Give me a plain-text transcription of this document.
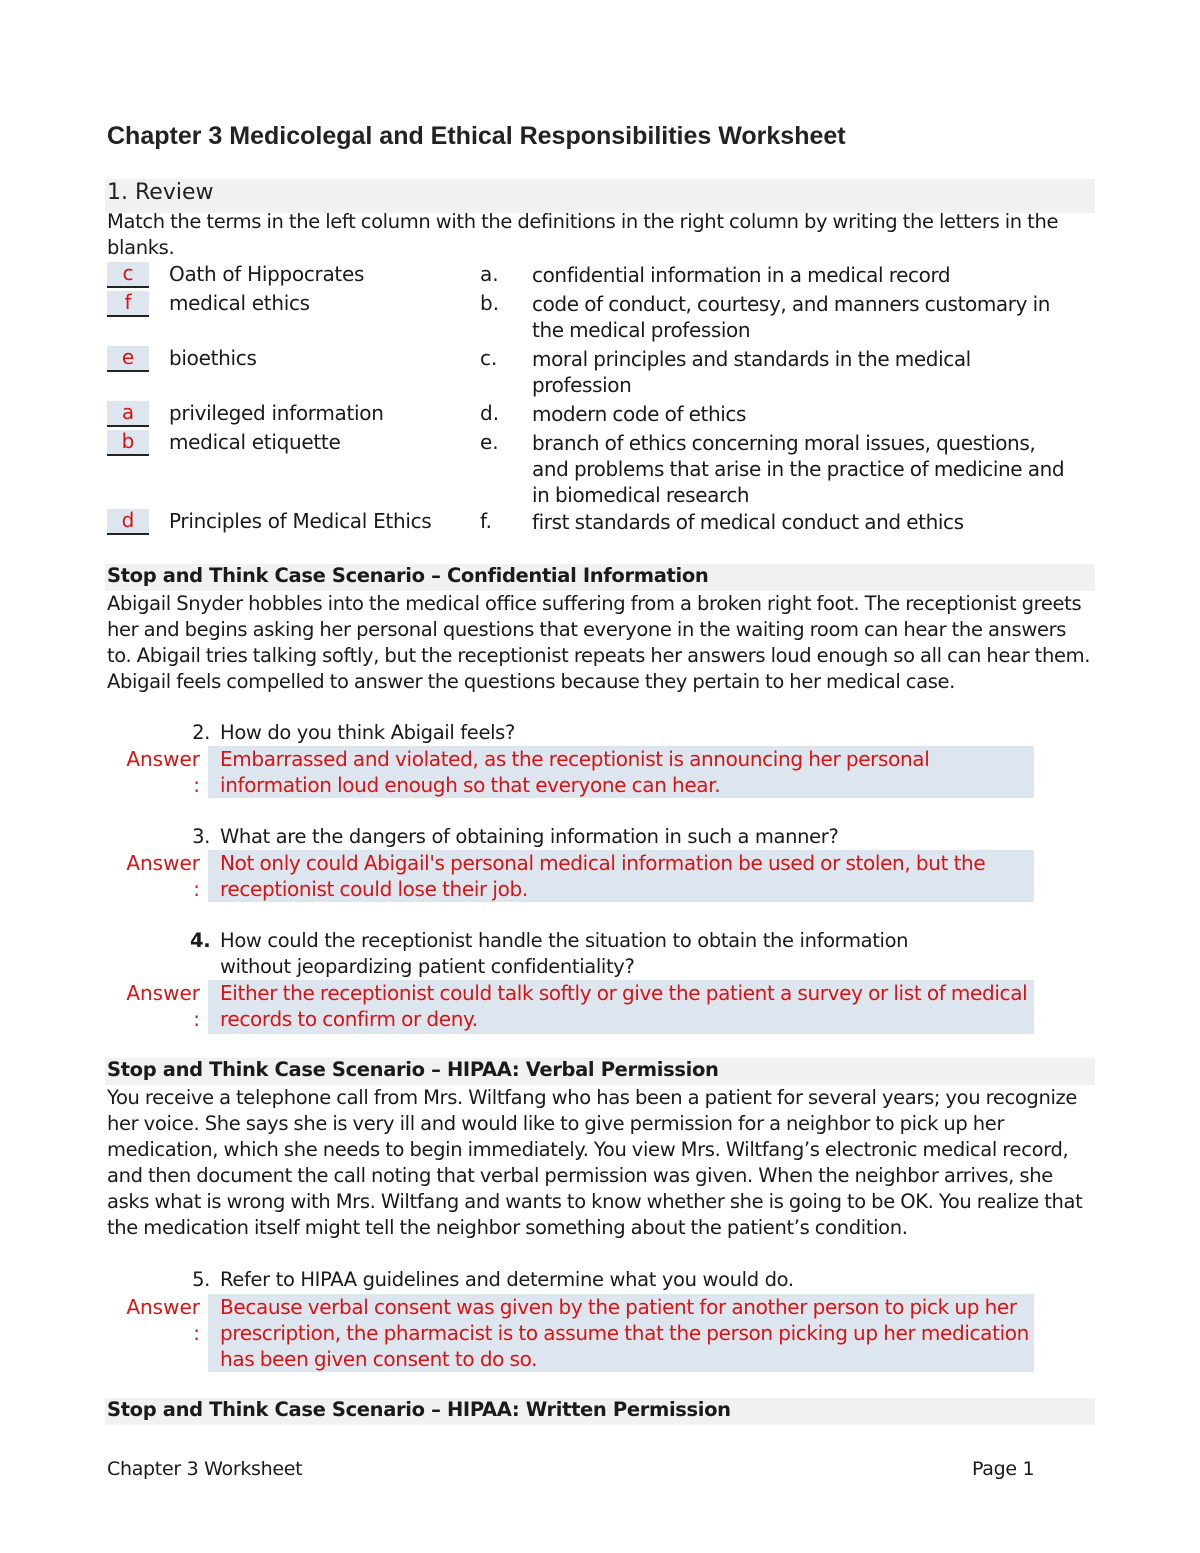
Chapter 3 Medicolegal and Ethical Responsibilities Worksheet
1. Review
Match the terms in the left column with the definitions in the right column by writing the letters in the blanks.
c	Oath of Hippocrates	a. confidential information in a medical record
f	medical ethics	b. code of conduct, courtesy, and manners customary in the medical profession
e	bioethics	c. moral principles and standards in the medical profession
a	privileged information	d. modern code of ethics
b	medical etiquette	e. branch of ethics concerning moral issues, questions, and problems that arise in the practice of medicine and in biomedical research
d	Principles of Medical Ethics f. first standards of medical conduct and ethics
Stop and Think Case Scenario – Confidential Information
Abigail Snyder hobbles into the medical office suffering from a broken right foot. The receptionist greets her and begins asking her personal questions that everyone in the waiting room can hear the answers to. Abigail tries talking softly, but the receptionist repeats her answers loud enough so all can hear them. Abigail feels compelled to answer the questions because they pertain to her medical case.
2. How do you think Abigail feels?
Answer
:
Embarrassed and violated, as the receptionist is announcing her personal information loud enough so that everyone can hear.
3. What are the dangers of obtaining information in such a manner?
Answer
:
Not only could Abigail's personal medical information be used or stolen, but the receptionist could lose their job.
4. How could the receptionist handle the situation to obtain the information without jeopardizing patient confidentiality?
Answer
:
Either the receptionist could talk softly or give the patient a survey or list of medical records to confirm or deny.
Stop and Think Case Scenario – HIPAA: Verbal Permission
You receive a telephone call from Mrs. Wiltfang who has been a patient for several years; you recognize her voice. She says she is very ill and would like to give permission for a neighbor to pick up her medication, which she needs to begin immediately. You view Mrs. Wiltfang’s electronic medical record, and then document the call noting that verbal permission was given. When the neighbor arrives, she asks what is wrong with Mrs. Wiltfang and wants to know whether she is going to be OK. You realize that the medication itself might tell the neighbor something about the patient’s condition.
5. Refer to HIPAA guidelines and determine what you would do.
Answer
:
Because verbal consent was given by the patient for another person to pick up her prescription, the pharmacist is to assume that the person picking up her medication has been given consent to do so.
Stop and Think Case Scenario – HIPAA: Written Permission
Chapter 3 Worksheet	Page 1
